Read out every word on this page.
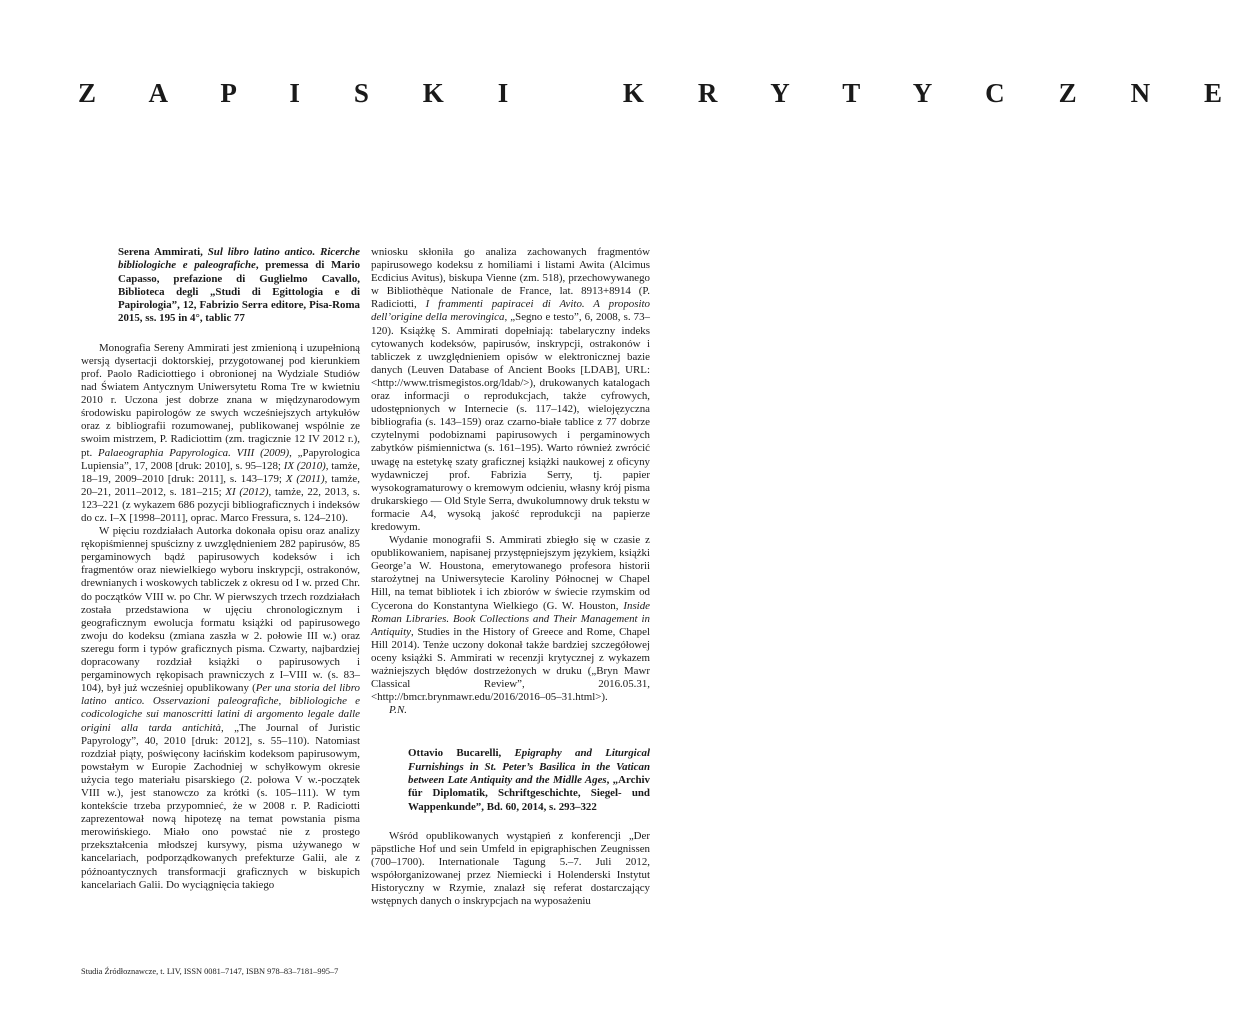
Z A P I S K I   K R Y T Y C Z N E
Serena Ammirati, Sul libro latino antico. Ricerche bibliologiche e paleografiche, premessa di Mario Capasso, prefazione di Guglielmo Cavallo, Biblioteca degli „Studi di Egittologia e di Papirologia”, 12, Fabrizio Serra editore, Pisa-Roma 2015, ss. 195 in 4°, tablic 77

Monografia Sereny Ammirati jest zmienioną i uzupełnioną wersją dysertacji doktorskiej, przygotowanej pod kierunkiem prof. Paolo Radiciottiego i obronionej na Wydziale Studiów nad Światem Antycznym Uniwersytetu Roma Tre w kwietniu 2010 r. Uczona jest dobrze znana w międzynarodowym środowisku papirologów ze swych wcześniejszych artykułów oraz z bibliografii rozumowanej, publikowanej wspólnie ze swoim mistrzem, P. Radiciottim (zm. tragicznie 12 IV 2012 r.), pt. Palaeographia Papyrologica. VIII (2009), „Papyrologica Lupiensia”, 17, 2008 [druk: 2010], s. 95–128; IX (2010), tamże, 18–19, 2009–2010 [druk: 2011], s. 143–179; X (2011), tamże, 20–21, 2011–2012, s. 181–215; XI (2012), tamże, 22, 2013, s. 123–221 (z wykazem 686 pozycji bibliograficznych i indeksów do cz. I–X [1998–2011], oprac. Marco Fressura, s. 124–210).

W pięciu rozdziałach Autorka dokonała opisu oraz analizy rękopiśmiennej spuścizny z uwzględnieniem 282 papirusów, 85 pergaminowych bądź papirusowych kodeksów i ich fragmentów oraz niewielkiego wyboru inskrypcji, ostrakonów, drewnianych i woskowych tabliczek z okresu od I w. przed Chr. do początków VIII w. po Chr. W pierwszych trzech rozdziałach została przedstawiona w ujęciu chronologicznym i geograficznym ewolucja formatu książki od papirusowego zwoju do kodeksu (zmiana zaszła w 2. połowie III w.) oraz szeregu form i typów graficznych pisma. Czwarty, najbardziej dopracowany rozdział książki o papirusowych i pergaminowych rękopisach prawniczych z I–VIII w. (s. 83–104), był już wcześniej opublikowany (Per una storia del libro latino antico. Osservazioni paleografiche, bibliologiche e codicologiche sui manoscritti latini di argomento legale dalle origini alla tarda antichità, „The Journal of Juristic Papyrology”, 40, 2010 [druk: 2012], s. 55–110). Natomiast rozdział piąty, poświęcony łacińskim kodeksom papirusowym, powstałym w Europie Zachodniej w schyłkowym okresie użycia tego materiału pisarskiego (2. połowa V w.-początek VIII w.), jest stanowczo za krótki (s. 105–111). W tym kontekście trzeba przypomnieć, że w 2008 r. P. Radiciotti zaprezentował nową hipotezę na temat powstania pisma merowińskiego. Miało ono powstać nie z prostego przekształcenia młodszej kursywy, pisma używanego w kancelariach, podporządkowanych prefekturze Galii, ale z późnoantycznych transformacji graficznych w biskupich kancelariach Galii. Do wyciągnięcia takiego

wniosku skłoniła go analiza zachowanych fragmentów papirusowego kodeksu z homiliami i listami Awita (Alcimus Ecdicius Avitus), biskupa Vienne (zm. 518), przechowywanego w Bibliothèque Nationale de France, lat. 8913+8914 (P. Radiciotti, I frammenti papiracei di Avito. A proposito dell’origine della merovingica, „Segno e testo”, 6, 2008, s. 73–120). Książkę S. Ammirati dopełniają: tabelaryczny indeks cytowanych kodeksów, papirusów, inskrypcji, ostrakonów i tabliczek z uwzględnieniem opisów w elektronicznej bazie danych (Leuven Database of Ancient Books [LDAB], URL: <http://www.trismegistos.org/ldab/>), drukowanych katalogach oraz informacji o reprodukcjach, także cyfrowych, udostępnionych w Internecie (s. 117–142), wielojęzyczna bibliografia (s. 143–159) oraz czarno-białe tablice z 77 dobrze czytelnymi podobiznami papirusowych i pergaminowych zabytków piśmiennictwa (s. 161–195). Warto również zwrócić uwagę na estetykę szaty graficznej książki naukowej z oficyny wydawniczej prof. Fabrizia Serry, tj. papier wysokogramaturowy o kremowym odcieniu, własny krój pisma drukarskiego — Old Style Serra, dwukolumnowy druk tekstu w formacie A4, wysoką jakość reprodukcji na papierze kredowym.

Wydanie monografii S. Ammirati zbiegło się w czasie z opublikowaniem, napisanej przystępniejszym językiem, książki George’a W. Houstona, emerytowanego profesora historii starożytnej na Uniwersytecie Karoliny Północnej w Chapel Hill, na temat bibliotek i ich zbiorów w świecie rzymskim od Cycerona do Konstantyna Wielkiego (G. W. Houston, Inside Roman Libraries. Book Collections and Their Management in Antiquity, Studies in the History of Greece and Rome, Chapel Hill 2014). Tenże uczony dokonał także bardziej szczegółowej oceny książki S. Ammirati w recenzji krytycznej z wykazem ważniejszych błędów dostrzeżonych w druku („Bryn Mawr Classical Review”, 2016.05.31, <http://bmcr.brynmawr.edu/2016/2016–05–31.html>).

P.N.

Ottavio Bucarelli, Epigraphy and Liturgical Furnishings in St. Peter’s Basilica in the Vatican between Late Antiquity and the Midlle Ages, „Archiv für Diplomatik, Schriftgeschichte, Siegel- und Wappenkunde”, Bd. 60, 2014, s. 293–322

Wśród opublikowanych wystąpień z konferencji „Der päpstliche Hof und sein Umfeld in epigraphischen Zeugnissen (700–1700). Internationale Tagung 5.–7. Juli 2012, współorganizowanej przez Niemiecki i Holenderski Instytut Historyczny w Rzymie, znalazł się referat dostarczający wstępnych danych o inskrypcjach na wyposażeniu

Studia Źródłoznawcze, t. LIV, ISSN 0081–7147, ISBN 978–83–7181–995–7
